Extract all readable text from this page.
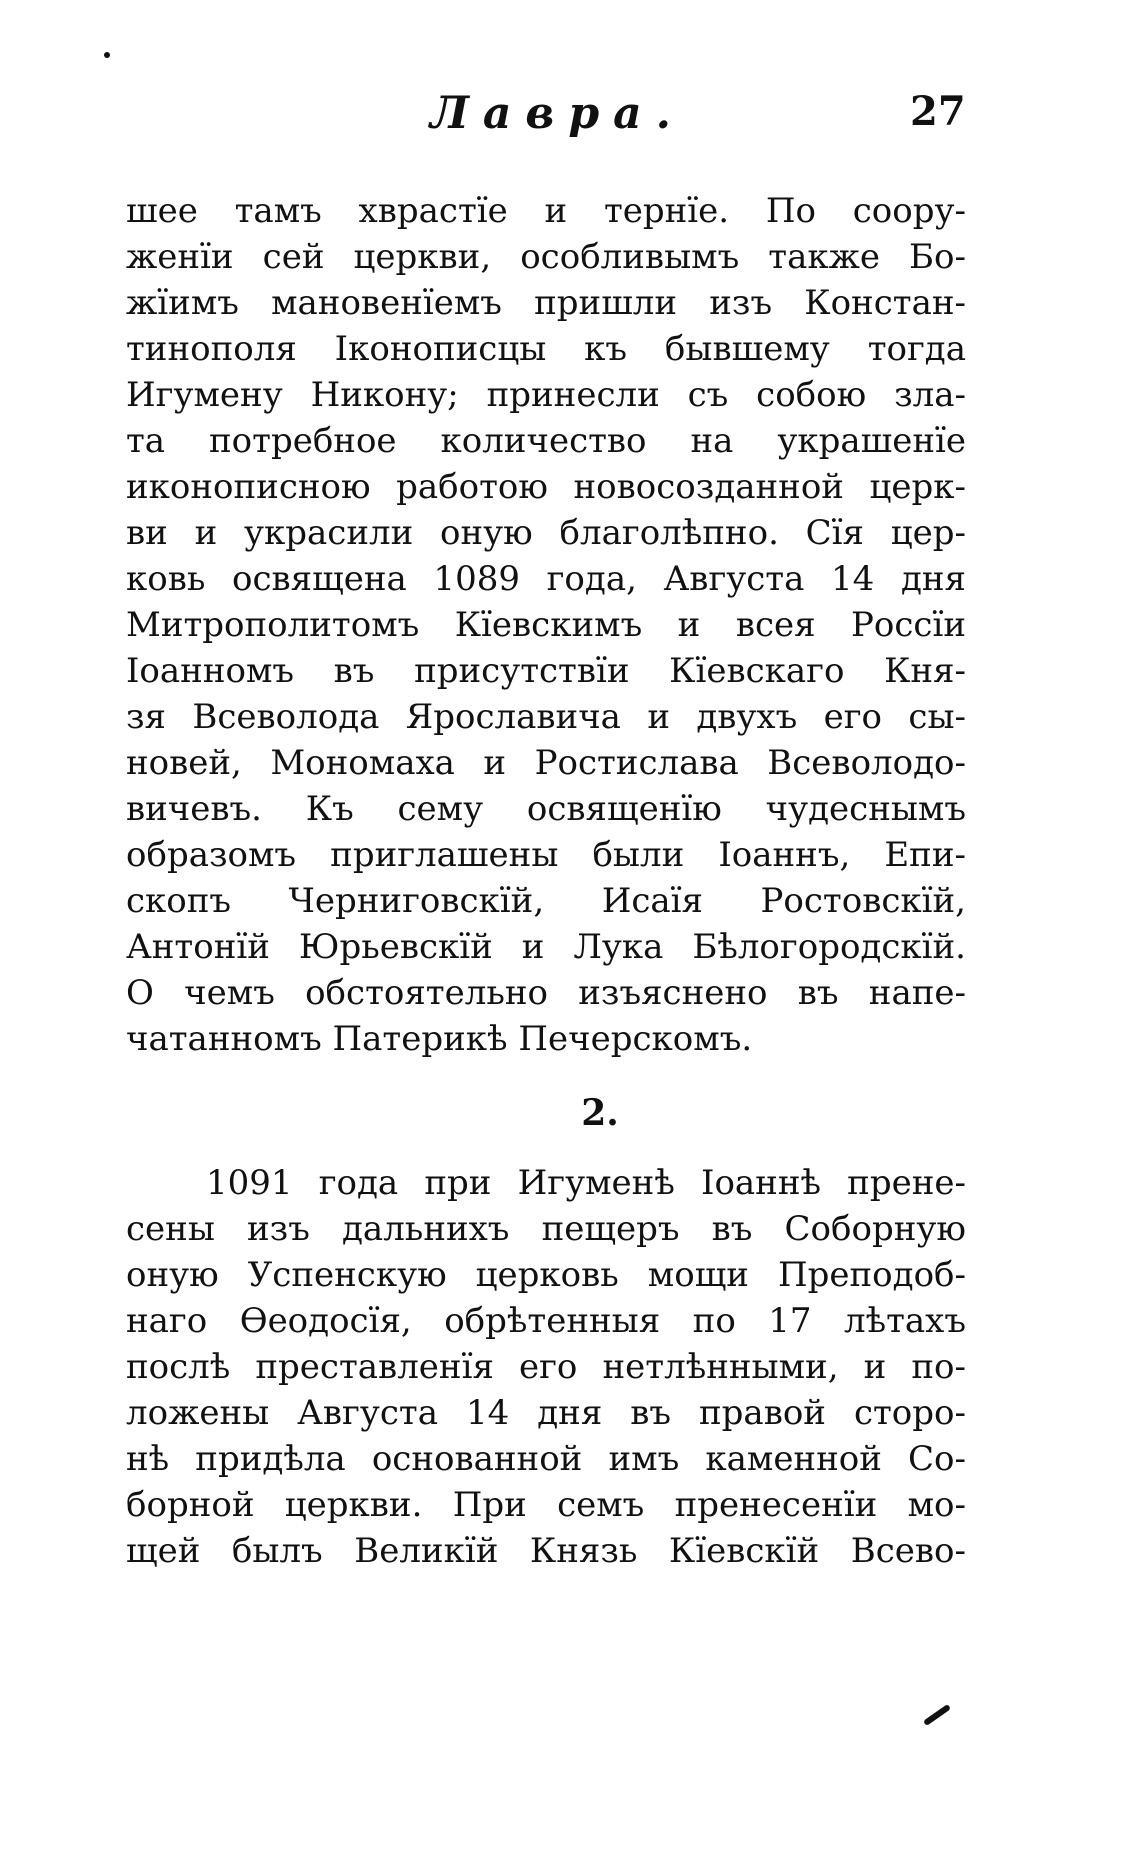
Лавра.	27
шее тамъ хврастїе и тернїе. По соору-
женїи сей церкви, особливымъ также Бо-
жїимъ мановенїемъ пришли изъ Констан-
тинополя Іконописцы къ бывшему тогда
Игумену Никону; принесли съ собою зла-
та потребное количество на украшенїе
иконописною работою новосозданной церк-
ви и украсили оную благолѣпно. Сїя цер-
ковь освящена 1089 года, Августа 14 дня
Митрополитомъ Кїевскимъ и всея Россїи
Іоанномъ въ присутствїи Кїевскаго Кня-
зя Всеволода Ярославича и двухъ его сы-
новей, Мономаха и Ростислава Всеволодо-
вичевъ. Къ сему освященїю чудеснымъ
образомъ приглашены были Іоаннъ, Епи-
скопъ Черниговскїй, Исаїя Ростовскїй,
Антонїй Юрьевскїй и Лука Бѣлогородскїй.
О чемъ обстоятельно изъяснено въ напе-
чатанномъ Патерикѣ Печерскомъ.
2.
1091 года при Игуменѣ Іоаннѣ пренe-
сены изъ дальнихъ пещеръ въ Соборную
оную Успенскую церковь мощи Преподоб-
наго Ѳеодосїя, обрѣтенныя по 17 лѣтахъ
послѣ преставленїя его нетлѣнными, и по-
ложены Августа 14 дня въ правой сторо-
нѣ придѣла основанной имъ каменной Со-
борной церкви. При семъ пренесенїи мо-
щей былъ Великїй Князь Кїевскїй Всево-
